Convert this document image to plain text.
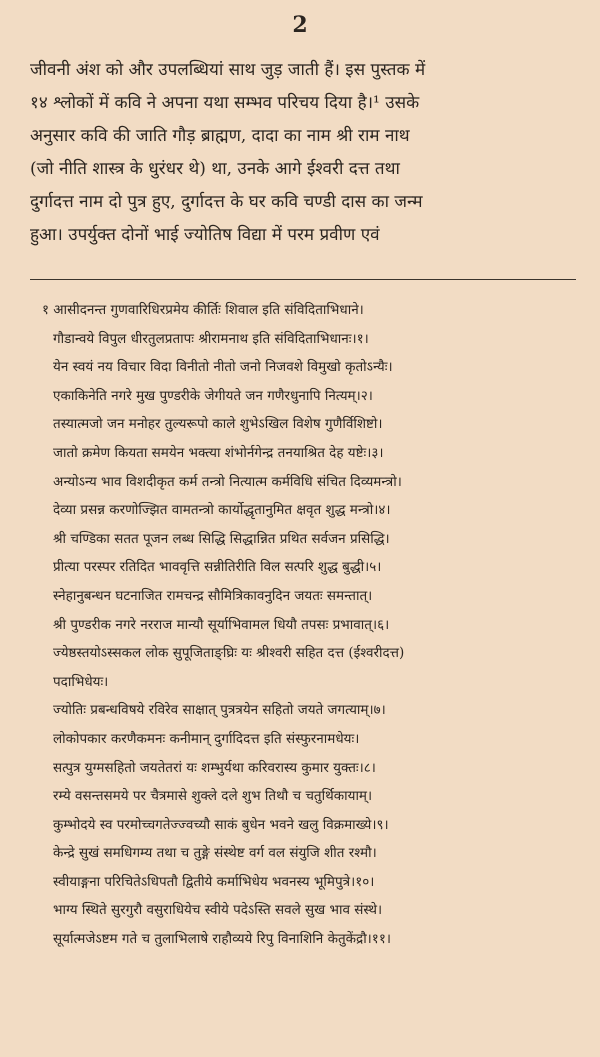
2
जीवनी अंश को और उपलब्धियां साथ जुड़ जाती हैं। इस पुस्तक में
१४ श्लोकों में कवि ने अपना यथा सम्भव परिचय दिया है।¹ उसके
अनुसार कवि की जाति गौड़ ब्राह्मण, दादा का नाम श्री राम नाथ
(जो नीति शास्त्र के धुरंधर थे) था, उनके आगे ईश्वरी दत्त तथा
दुर्गादत्त नाम दो पुत्र हुए, दुर्गादत्त के घर कवि चण्डी दास का जन्म
हुआ। उपर्युक्त दोनों भाई ज्योतिष विद्या में परम प्रवीण एवं
१ आसीदनन्त गुणवारिधिरप्रमेय कीर्तिः शिवाल इति संविदिताभिधाने।
गौडान्वये विपुल धीरतुलप्रतापः श्रीरामनाथ इति संविदिताभिधानः।१।
येन स्वयं नय विचार विदा विनीतो नीतो जनो निजवशे विमुखो कृतोऽन्यैः।
एकाकिनेति नगरे मुख पुण्डरीके जेगीयते जन गणैरधुनापि नित्यम्।२।
तस्यात्मजो जन मनोहर तुल्यरूपो काले शुभेऽखिल विशेष गुणैर्विशिष्टो।
जातो क्रमेण कियता समयेन भक्त्या शंभोर्नगेन्द्र तनयाश्रित देह यष्टेः।३।
अन्योऽन्य भाव विशदीकृत कर्म तन्त्रो नित्यात्म कर्मविधि संचित दिव्यमन्त्रो।
देव्या प्रसन्न करणोज्झित वामतन्त्रो कार्योद्धृतानुमित क्षवृत शुद्ध मन्त्रो।४।
श्री चण्डिका सतत पूजन लब्ध सिद्धि सिद्धान्नित प्रथित सर्वजन प्रसिद्धि।
प्रीत्या परस्पर रतिदित भाववृत्ति सन्नीतिरीति विल सत्परि शुद्ध बुद्धी।५।
स्नेहानुबन्धन घटनाजित रामचन्द्र सौमित्रिकावनुदिन जयतः समन्तात्।
श्री पुण्डरीक नगरे नरराज मान्यौ सूर्याभिवामल धियौ तपसः प्रभावात्।६।
ज्येष्ठस्तयोऽस्सकल लोक सुपूजिताङ्घ्रिः यः श्रीश्वरी सहित दत्त (ईश्वरीदत्त)
पदाभिधेयः।
ज्योतिः प्रबन्धविषये रविरेव साक्षात् पुत्रत्रयेन सहितो जयते जगत्याम्।७।
लोकोपकार करणैकमनः कनीमान् दुर्गादिदत्त इति संस्फुरनामधेयः।
सत्पुत्र युग्मसहितो जयतेतरां यः शम्भुर्यथा करिवरास्य कुमार युक्तः।८।
रम्ये वसन्तसमये पर चैत्रमासे शुक्ले दले शुभ तिथौ च चतुर्थिकायाम्।
कुम्भोदये स्व परमोच्चगतेज्ज्वच्यौ साकं बुधेन भवने खलु विक्रमाख्ये।९।
केन्द्रे सुखं समधिगम्य तथा च तुङ्गे संस्थेष्ट वर्ग वल संयुजि शीत रश्मौ।
स्वीयाङ्गना परिचितेऽधिपतौ द्वितीये कर्माभिधेय भवनस्य भूमिपुत्रे।१०।
भाग्य स्थिते सुरगुरौ वसुराधियेच स्वीये पदेऽस्ति सवले सुख भाव संस्थे।
सूर्यात्मजेऽष्टम गते च तुलाभिलाषे राहौव्यये रिपु विनाशिनि केतुकेंद्रौ।११।
